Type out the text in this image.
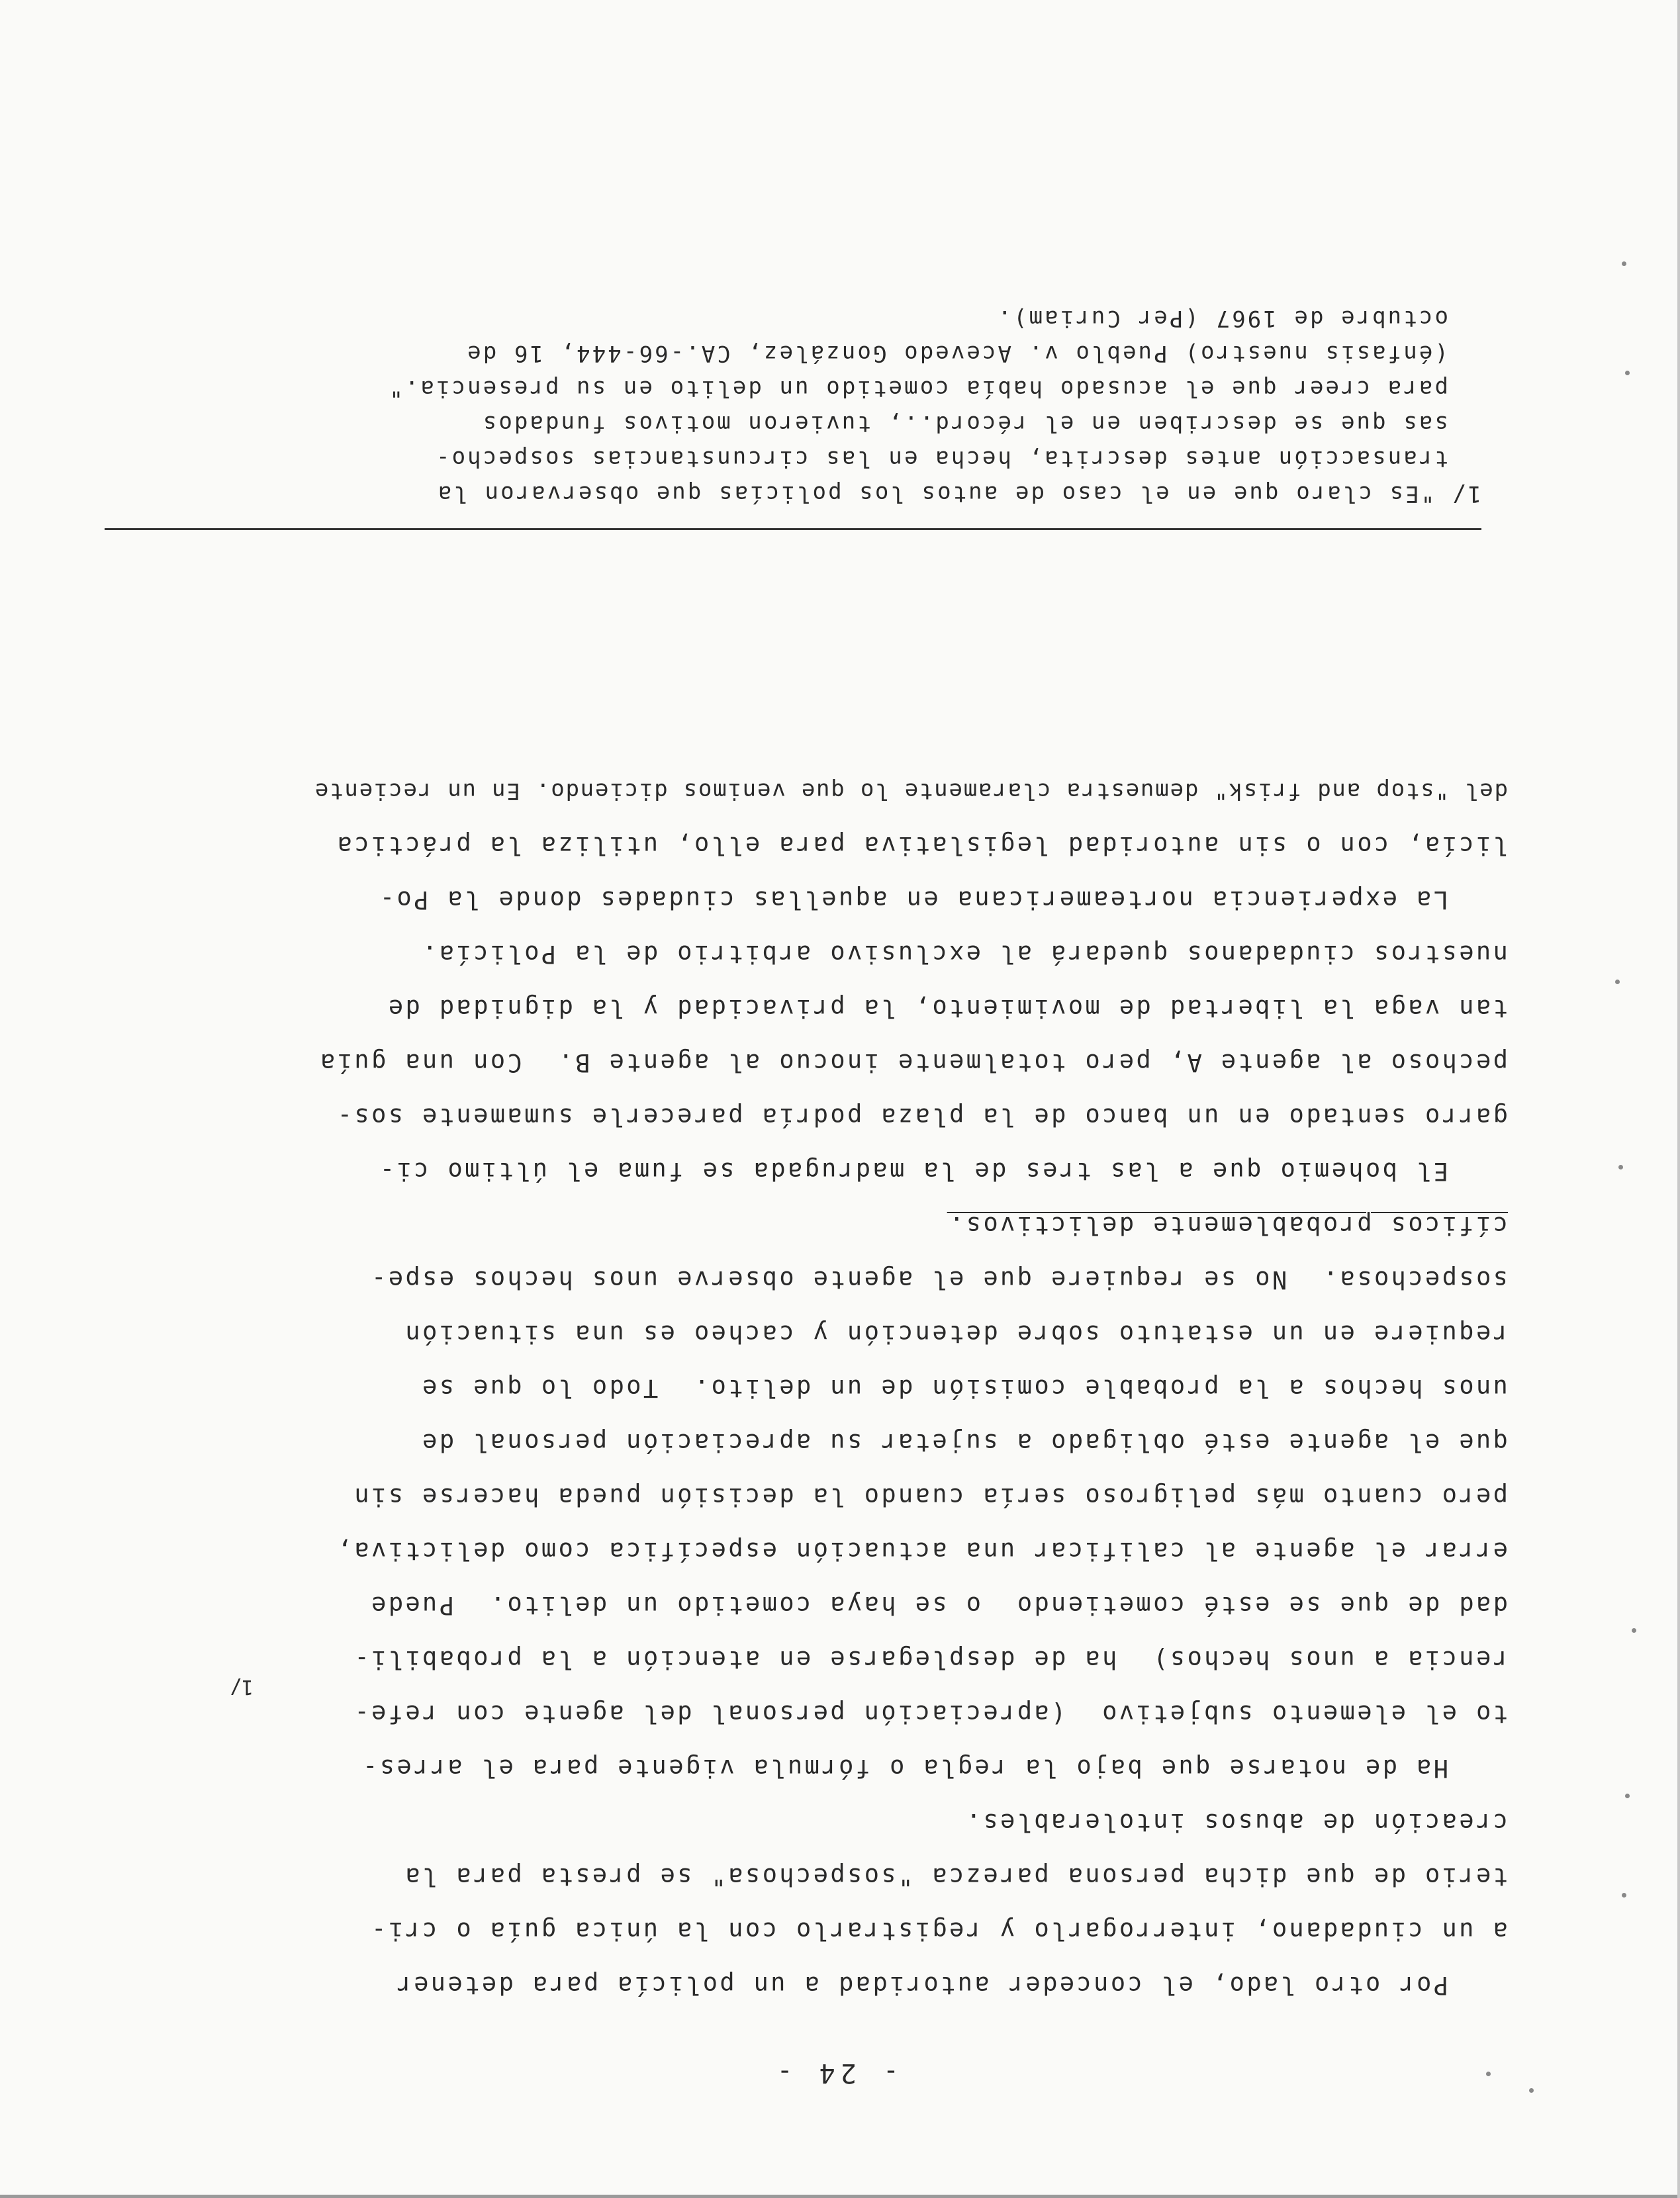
- 24 -
Por otro lado, el conceder autoridad a un policía para detener
a un ciudadano, interrogarlo y registrarlo con la única guía o cri-
terio de que dicha persona parezca "sospechosa" se presta para la
creación de abusos intolerables.
Ha de notarse que bajo la regla o fórmula vigente para el arres-
to el elemento subjetivo  (apreciación personal del agente con refe-
rencia a unos hechos)  ha de desplegarse en atención a la probabili-
1/
dad de que se esté cometiendo  o se haya cometido un delito.  Puede
errar el agente al calificar una actuación específica como delictiva,
pero cuanto más peligroso sería cuando la decisión pueda hacerse sin
que el agente esté obligado a sujetar su apreciación personal de
unos hechos a la probable comisión de un delito.  Todo lo que se
requiere en un estatuto sobre detención y cacheo es una situación
sospechosa.  No se requiere que el agente observe unos hechos espe-
cíficos probablemente delictivos.
El bohemio que a las tres de la madrugada se fuma el último ci-
garro sentado en un banco de la plaza podría parecerle sumamente sos-
pechoso al agente A, pero totalmente inocuo al agente B.  Con una guía
tan vaga la libertad de movimiento, la privacidad y la dignidad de
nuestros ciudadanos quedará al exclusivo arbitrio de la Policía.
La experiencia norteamericana en aquellas ciudades donde la Po-
licía, con o sin autoridad legislativa para ello, utiliza la práctica
del "stop and frisk" demuestra claramente lo que venimos diciendo. En un reciente
1/ "Es claro que en el caso de autos los policías que observaron la
transacción antes descrita, hecha en las circunstancias sospecho-
sas que se describen en el récord.., tuvieron motivos fundados
para creer que el acusado había cometido un delito en su presencia."
(énfasis nuestro) Pueblo v. Acevedo González, CA.-66-444, 16 de
octubre de 1967 (Per Curiam).
